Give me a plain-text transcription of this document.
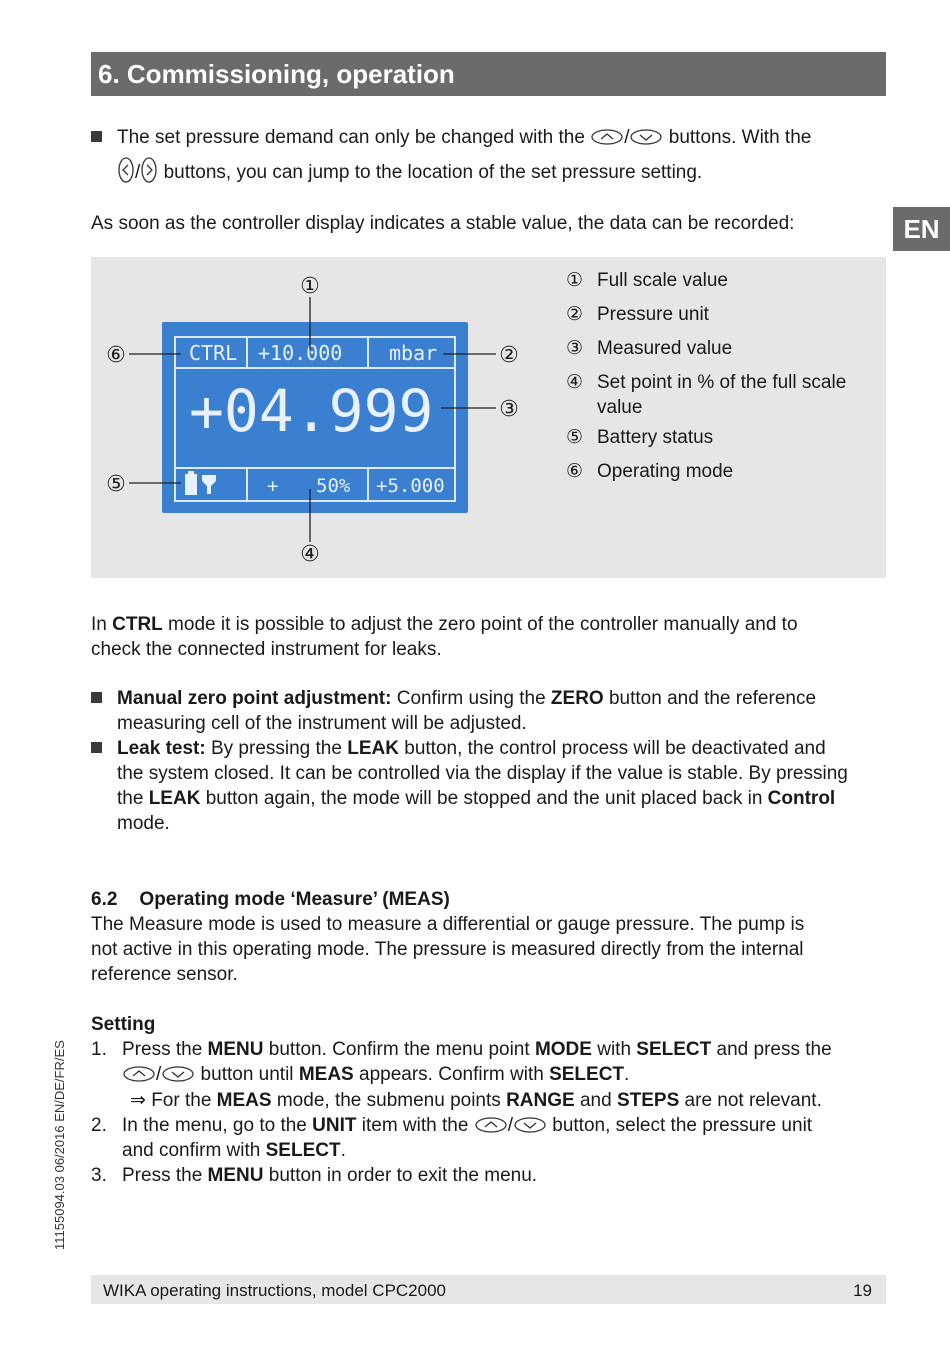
6. Commissioning, operation
EN
The set pressure demand can only be changed with the / buttons. With the
/ buttons, you can jump to the location of the set pressure setting.
As soon as the controller display indicates a stable value, the data can be recorded:
CTRL +10.000 mbar
+04.999
+ 50% +5.000
①
②
③
④
⑤
⑥
① Full scale value
② Pressure unit
③ Measured value
④ Set point in % of the full scale
value
⑤ Battery status
⑥ Operating mode
In CTRL mode it is possible to adjust the zero point of the controller manually and to
check the connected instrument for leaks.
Manual zero point adjustment: Confirm using the ZERO button and the reference
measuring cell of the instrument will be adjusted.
Leak test: By pressing the LEAK button, the control process will be deactivated and
the system closed. It can be controlled via the display if the value is stable. By pressing
the LEAK button again, the mode will be stopped and the unit placed back in Control
mode.
6.2 Operating mode ‘Measure’ (MEAS)
The Measure mode is used to measure a differential or gauge pressure. The pump is
not active in this operating mode. The pressure is measured directly from the internal
reference sensor.
Setting
1. Press the MENU button. Confirm the menu point MODE with SELECT and press the
/ button until MEAS appears. Confirm with SELECT.
⇒ For the MEAS mode, the submenu points RANGE and STEPS are not relevant.
2. In the menu, go to the UNIT item with the / button, select the pressure unit
and confirm with SELECT.
3. Press the MENU button in order to exit the menu.
11155094.03 06/2016 EN/DE/FR/ES
WIKA operating instructions, model CPC2000	19
